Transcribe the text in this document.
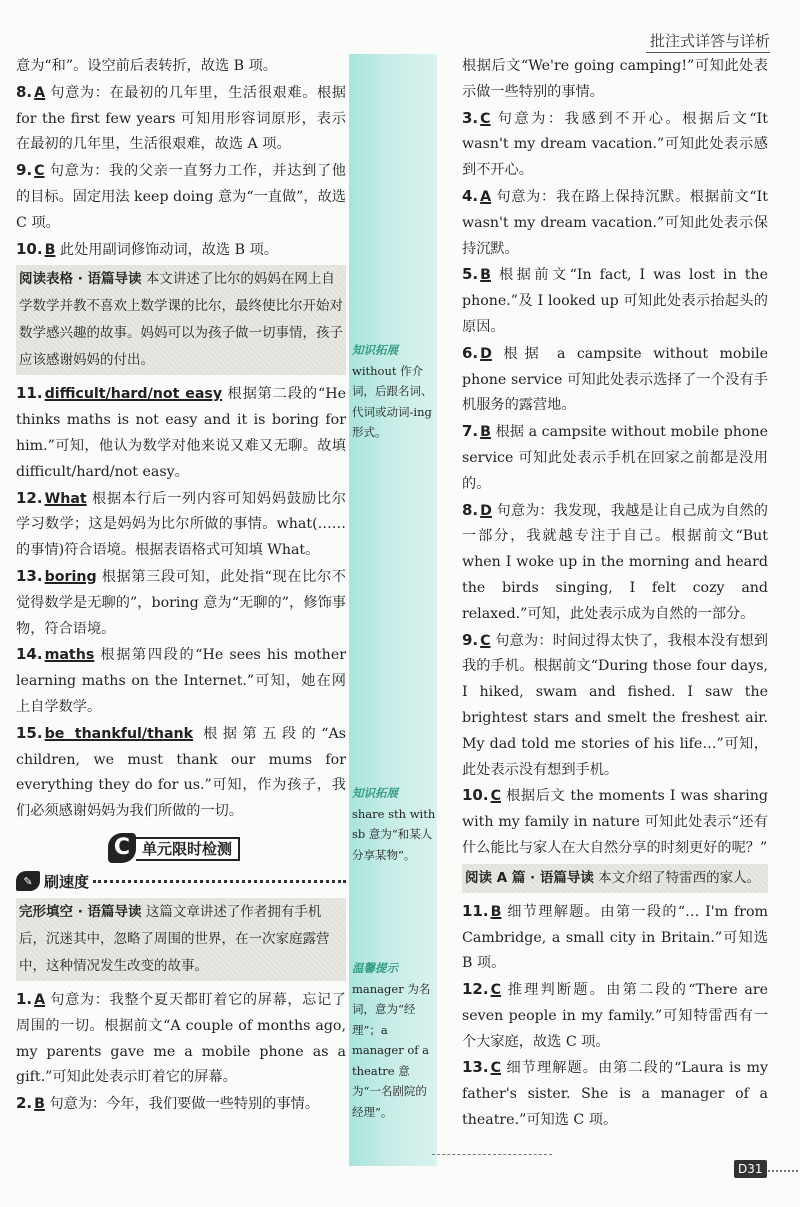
批注式详答与详析

意为“和”。设空前后表转折，故选 B 项。

8. A 句意为：在最初的几年里，生活很艰难。根据 for the first few years 可知用形容词原形，表示在最初的几年里，生活很艰难，故选 A 项。

9. C 句意为：我的父亲一直努力工作，并达到了他的目标。固定用法 keep doing 意为“一直做”，故选 C 项。

10. B 此处用副词修饰动词，故选 B 项。

阅读表格 · 语篇导读 本文讲述了比尔的妈妈在网上自学数学并教不喜欢上数学课的比尔，最终使比尔开始对数学感兴趣的故事。妈妈可以为孩子做一切事情，孩子应该感谢妈妈的付出。

11. difficult/hard/not easy 根据第二段的“He thinks maths is not easy and it is boring for him.”可知，他认为数学对他来说又难又无聊。故填 difficult/hard/not easy。

12. What 根据本行后一列内容可知妈妈鼓励比尔学习数学；这是妈妈为比尔所做的事情。what(……的事情)符合语境。根据表语格式可知填 What。

13. boring 根据第三段可知，此处指“现在比尔不觉得数学是无聊的”，boring 意为“无聊的”，修饰事物，符合语境。

14. maths 根据第四段的“He sees his mother learning maths on the Internet.”可知，她在网上自学数学。

15. be thankful/thank 根据第五段的“As children, we must thank our mums for everything they do for us.”可知，作为孩子，我们必须感谢妈妈为我们所做的一切。

C 单元限时检测
✎ 刷速度
完形填空 · 语篇导读 这篇文章讲述了作者拥有手机后，沉迷其中，忽略了周围的世界，在一次家庭露营中，这种情况发生改变的故事。

1. A 句意为：我整个夏天都盯着它的屏幕，忘记了周围的一切。根据前文“A couple of months ago, my parents gave me a mobile phone as a gift.”可知此处表示盯着它的屏幕。

2. B 句意为：今年，我们要做一些特别的事情。

根据后文“We're going camping!”可知此处表示做一些特别的事情。

3. C 句意为：我感到不开心。根据后文“It wasn't my dream vacation.”可知此处表示感到不开心。

4. A 句意为：我在路上保持沉默。根据前文“It wasn't my dream vacation.”可知此处表示保持沉默。

5. B 根据前文“In fact, I was lost in the phone.”及 I looked up 可知此处表示抬起头的原因。

6. D 根据 a campsite without mobile phone service 可知此处表示选择了一个没有手机服务的露营地。

7. B 根据 a campsite without mobile phone service 可知此处表示手机在回家之前都是没用的。

8. D 句意为：我发现，我越是让自己成为自然的一部分，我就越专注于自己。根据前文“But when I woke up in the morning and heard the birds singing, I felt cozy and relaxed.”可知，此处表示成为自然的一部分。

9. C 句意为：时间过得太快了，我根本没有想到我的手机。根据前文“During those four days, I hiked, swam and fished. I saw the brightest stars and smelt the freshest air. My dad told me stories of his life…”可知，此处表示没有想到手机。

10. C 根据后文 the moments I was sharing with my family in nature 可知此处表示“还有什么能比与家人在大自然分享的时刻更好的呢？”

阅读 A 篇 · 语篇导读 本文介绍了特雷西的家人。

11. B 细节理解题。由第一段的“… I'm from Cambridge, a small city in Britain.”可知选 B 项。

12. C 推理判断题。由第二段的“There are seven people in my family.”可知特雷西有一个大家庭，故选 C 项。

13. C 细节理解题。由第二段的“Laura is my father's sister. She is a manager of a theatre.”可知选 C 项。

知识拓展
without 作介词，后跟名词、代词或动词-ing形式。
知识拓展
share sth with sb 意为“和某人分享某物”。
温馨提示
manager 为名词，意为“经理”；a manager of a theatre 意为“一名剧院的经理”。
D31
